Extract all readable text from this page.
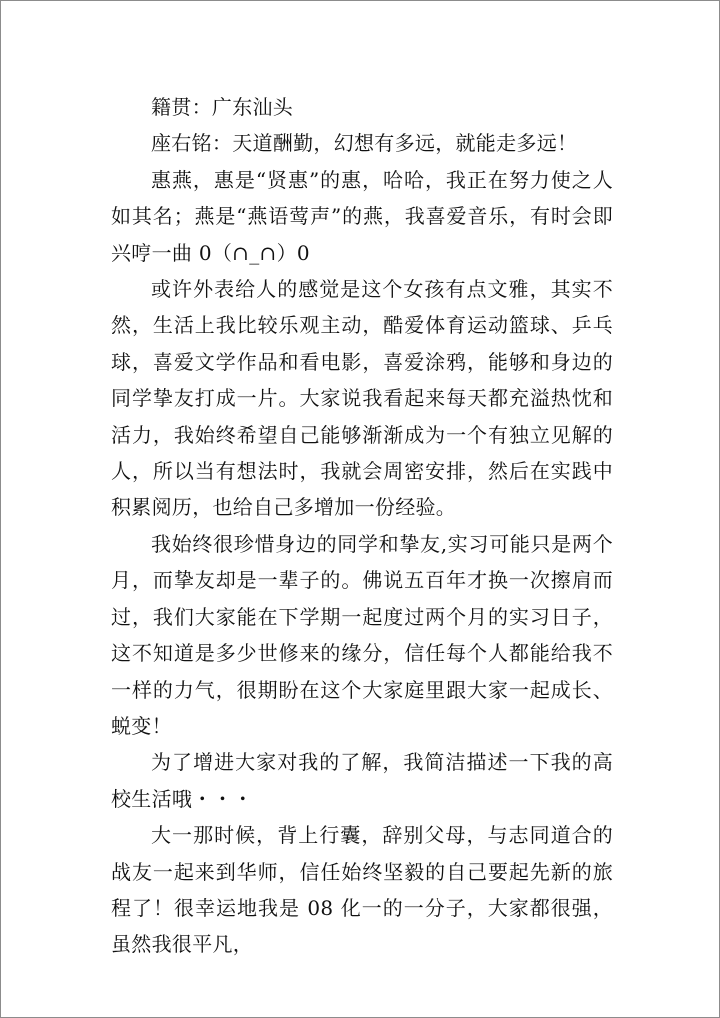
籍贯：广东汕头

座右铭：天道酬勤，幻想有多远，就能走多远！

惠燕，惠是“贤惠”的惠，哈哈，我正在努力使之人如其名；燕是“燕语莺声”的燕，我喜爱音乐，有时会即兴哼一曲 0（∩_∩）0

或许外表给人的感觉是这个女孩有点文雅，其实不然，生活上我比较乐观主动，酷爱体育运动篮球、乒乓球，喜爱文学作品和看电影，喜爱涂鸦，能够和身边的同学挚友打成一片。大家说我看起来每天都充溢热忱和活力，我始终希望自己能够渐渐成为一个有独立见解的人，所以当有想法时，我就会周密安排，然后在实践中积累阅历，也给自己多增加一份经验。

我始终很珍惜身边的同学和挚友,实习可能只是两个月，而挚友却是一辈子的。佛说五百年才换一次擦肩而过，我们大家能在下学期一起度过两个月的实习日子，这不知道是多少世修来的缘分，信任每个人都能给我不一样的力气，很期盼在这个大家庭里跟大家一起成长、蜕变！

为了增进大家对我的了解，我简洁描述一下我的高校生活哦・・・

大一那时候，背上行囊，辞别父母，与志同道合的战友一起来到华师，信任始终坚毅的自己要起先新的旅程了！很幸运地我是 08 化一的一分子，大家都很强，虽然我很平凡，
